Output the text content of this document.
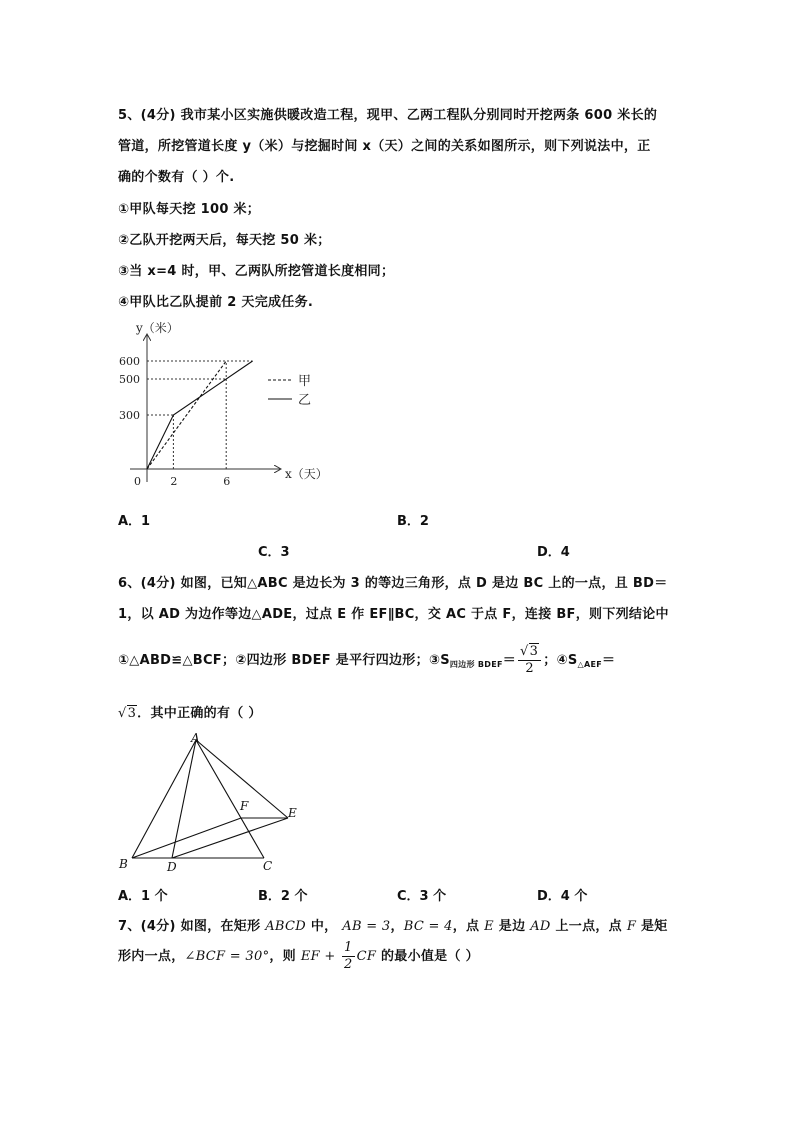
5、(4分) 我市某小区实施供暖改造工程，现甲、乙两工程队分别同时开挖两条 600 米长的
管道，所挖管道长度 y（米）与挖掘时间 x（天）之间的关系如图所示，则下列说法中，正
确的个数有（ ）个.
①甲队每天挖 100 米；
②乙队开挖两天后，每天挖 50 米；
③当 x=4 时，甲、乙两队所挖管道长度相同；
④甲队比乙队提前 2 天完成任务.
300
500
600
2	6
y（米）
x（天）
0
甲
乙
A．1	B．2
C．3	D．4
6、(4分) 如图，已知△ABC 是边长为 3 的等边三角形，点 D 是边 BC 上的一点，且 BD＝
1，以 AD 为边作等边△ADE，过点 E 作 EF∥BC，交 AC 于点 F，连接 BF，则下列结论中
①△ABD≌△BCF；②四边形 BDEF 是平行四边形；$③S_{四边形 BDEF}= \frac{√3}{2}$ ；$④S_{\triangle AEF}=$
√3．其中正确的有（ ）
A
B	C
D
E
F
A．1 个	B．2 个	C．3 个	D．4 个
7、(4分) 如图，在矩形 ABCD 中， AB = 3，BC = 4，点 E 是边 AD 上一点，点 F 是矩
形内一点，∠BCF = 30°，则 EF + $\frac{1}{2}$ CF 的最小值是（ ）
